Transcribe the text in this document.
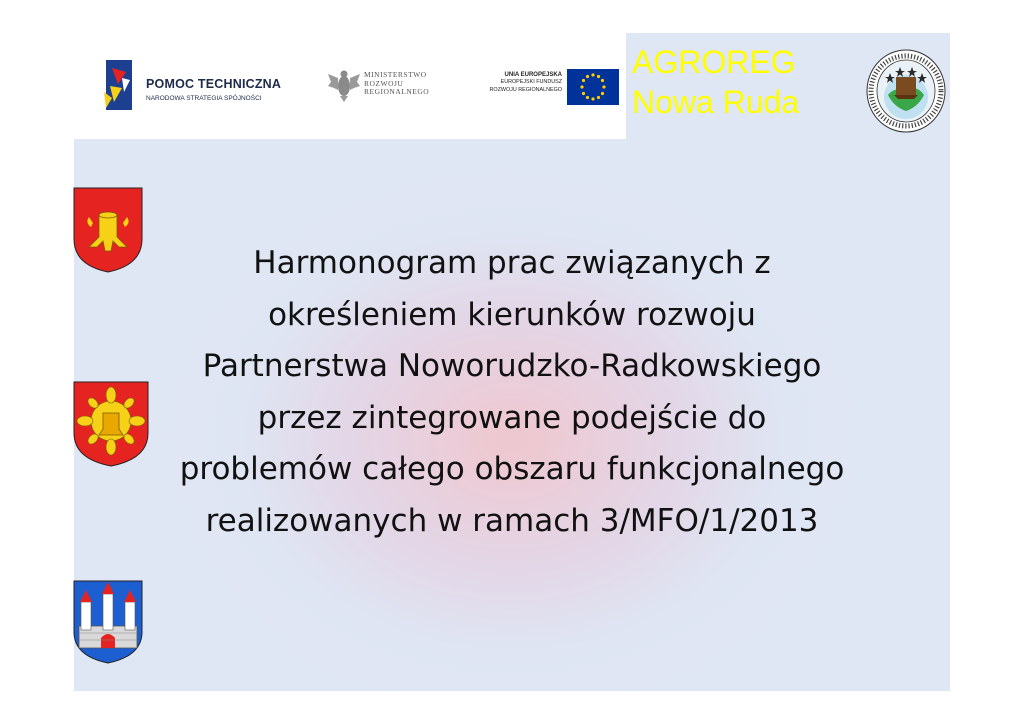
POMOC TECHNICZNA
NARODOWA STRATEGIA SPÓJNOŚCI
MINISTERSTWO
ROZWOJU
REGIONALNEGO
UNIA EUROPEJSKA
EUROPEJSKI FUNDUSZ
ROZWOJU REGIONALNEGO
AGROREG
Nowa Ruda
Harmonogram prac związanych z
określeniem kierunków rozwoju
Partnerstwa Noworudzko-Radkowskiego
przez zintegrowane podejście do
problemów całego obszaru funkcjonalnego
realizowanych w ramach 3/MFO/1/2013
